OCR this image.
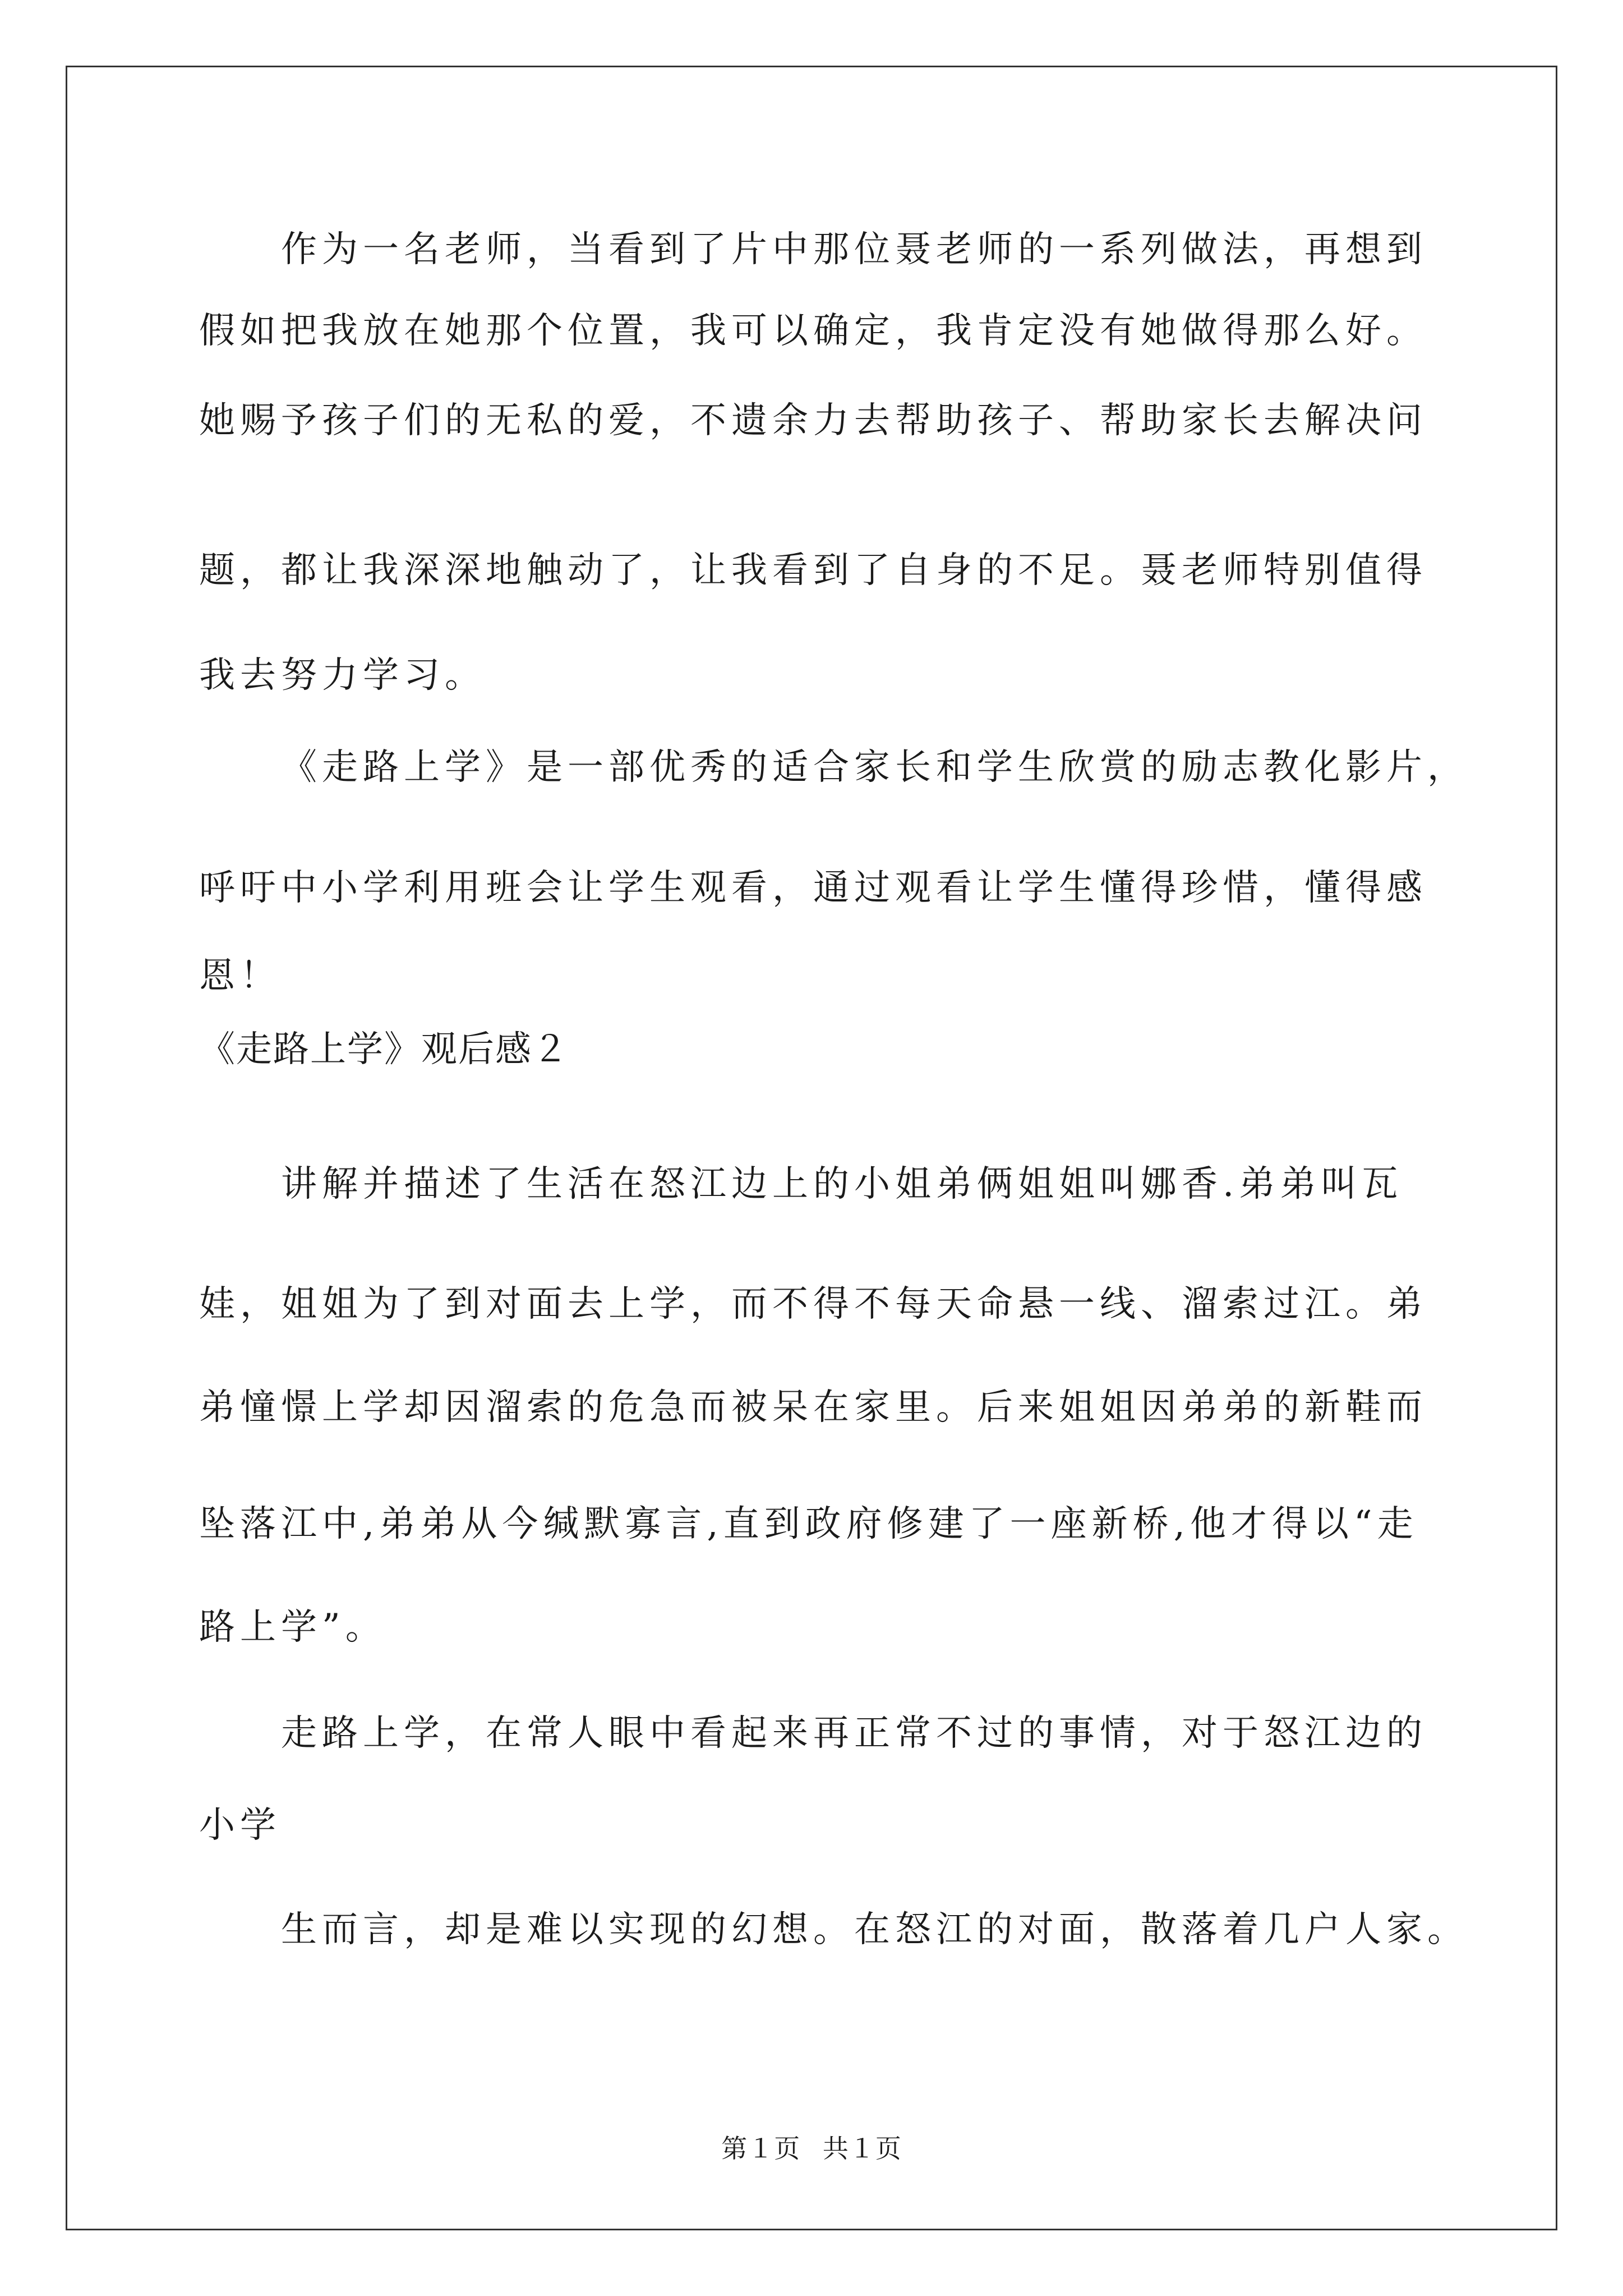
作为一名老师，当看到了片中那位聂老师的一系列做法，再想到
假如把我放在她那个位置，我可以确定，我肯定没有她做得那么好。
她赐予孩子们的无私的爱，不遗余力去帮助孩子、帮助家长去解决问
题，都让我深深地触动了，让我看到了自身的不足。聂老师特别值得
我去努力学习。
《走路上学》是一部优秀的适合家长和学生欣赏的励志教化影片，
呼吁中小学利用班会让学生观看，通过观看让学生懂得珍惜，懂得感
恩！
《走路上学》观后感２
讲解并描述了生活在怒江边上的小姐弟俩姐姐叫娜香.弟弟叫瓦
娃，姐姐为了到对面去上学，而不得不每天命悬一线、溜索过江。弟
弟憧憬上学却因溜索的危急而被呆在家里。后来姐姐因弟弟的新鞋而
坠落江中,弟弟从今缄默寡言,直到政府修建了一座新桥,他才得以“走
路上学”。
走路上学，在常人眼中看起来再正常不过的事情，对于怒江边的
小学
生而言，却是难以实现的幻想。在怒江的对面，散落着几户人家。
第１页 共１页
